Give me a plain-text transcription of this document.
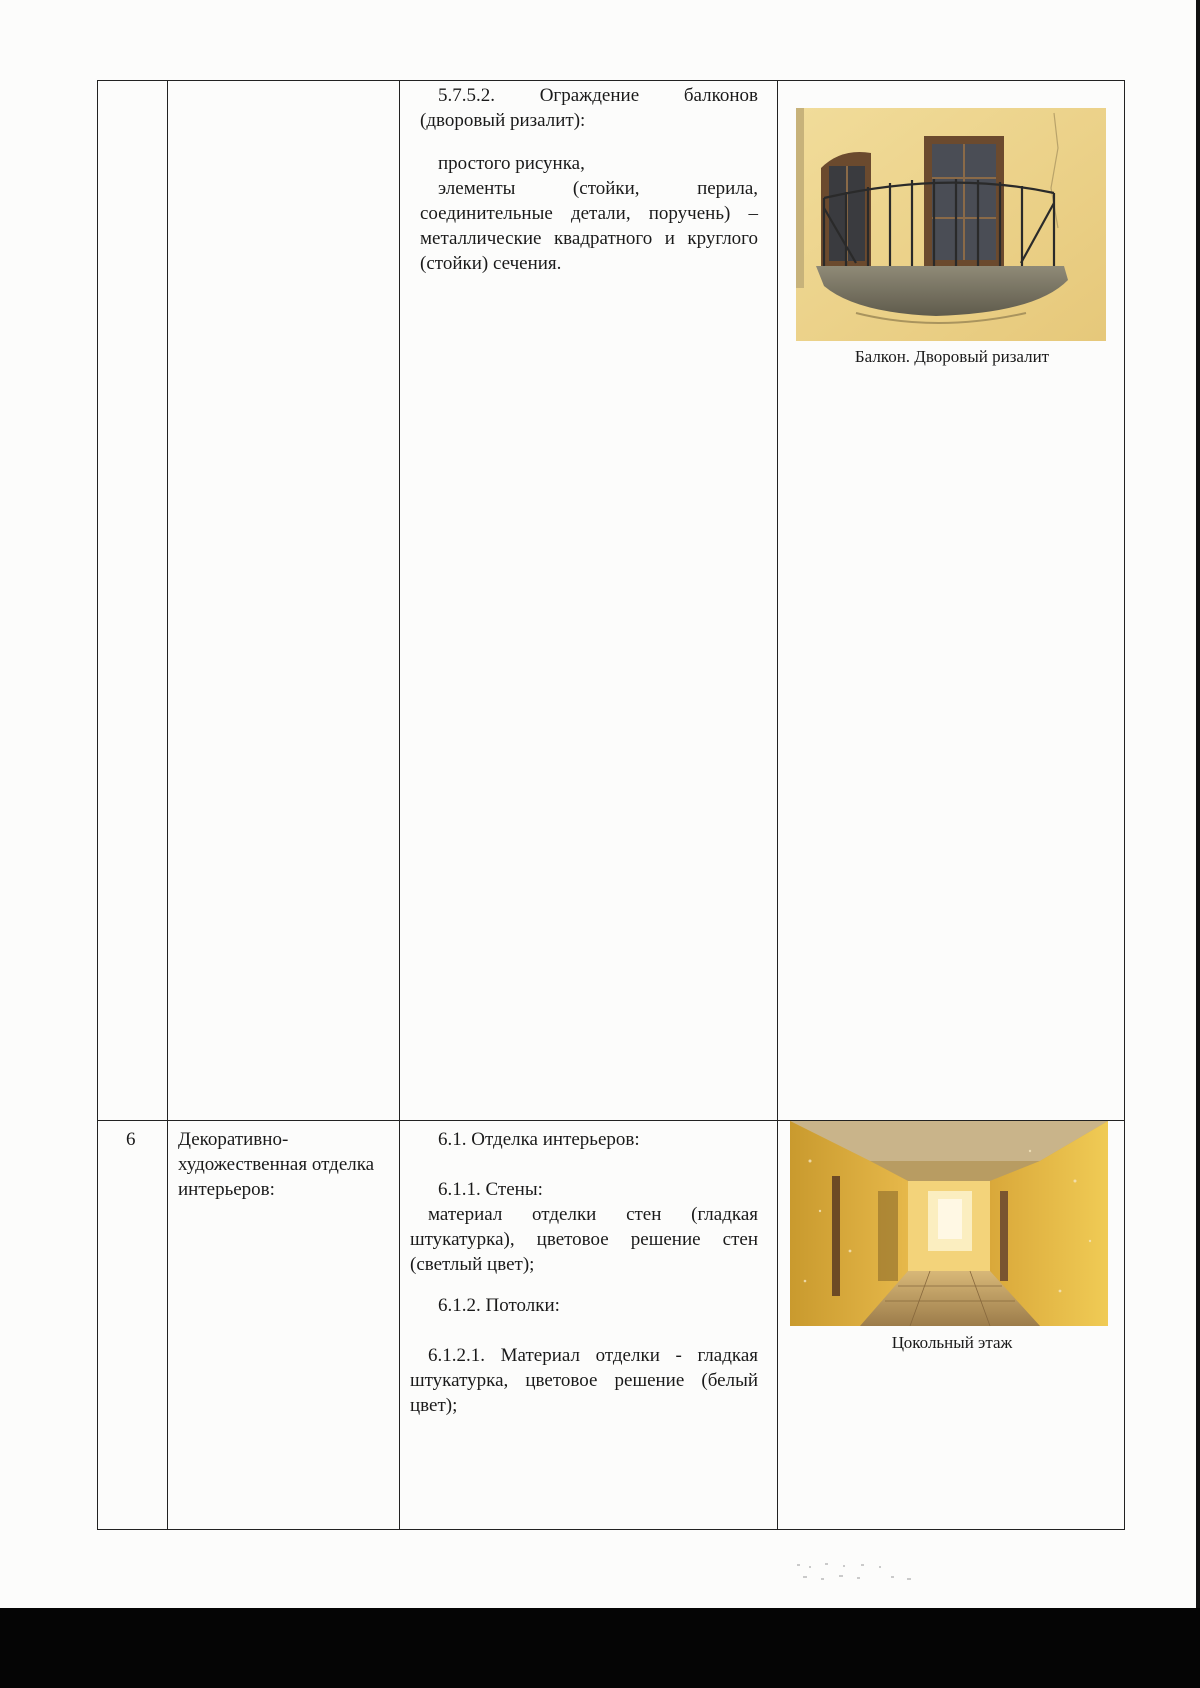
5.7.5.2. Ограждение балконов
(дворовый ризалит):
простого рисунка,
элементы (стойки, перила, соединительные детали, поручень) – металлические квадратного и круглого (стойки) сечения.
Балкон. Дворовый ризалит
6 Декоративно-художественная отделка интерьеров:
6.1. Отделка интерьеров:
6.1.1. Стены:
материал отделки стен (гладкая штукатурка), цветовое решение стен (светлый цвет);
6.1.2. Потолки:
6.1.2.1. Материал отделки - гладкая штукатурка, цветовое решение (белый цвет);
Цокольный этаж
